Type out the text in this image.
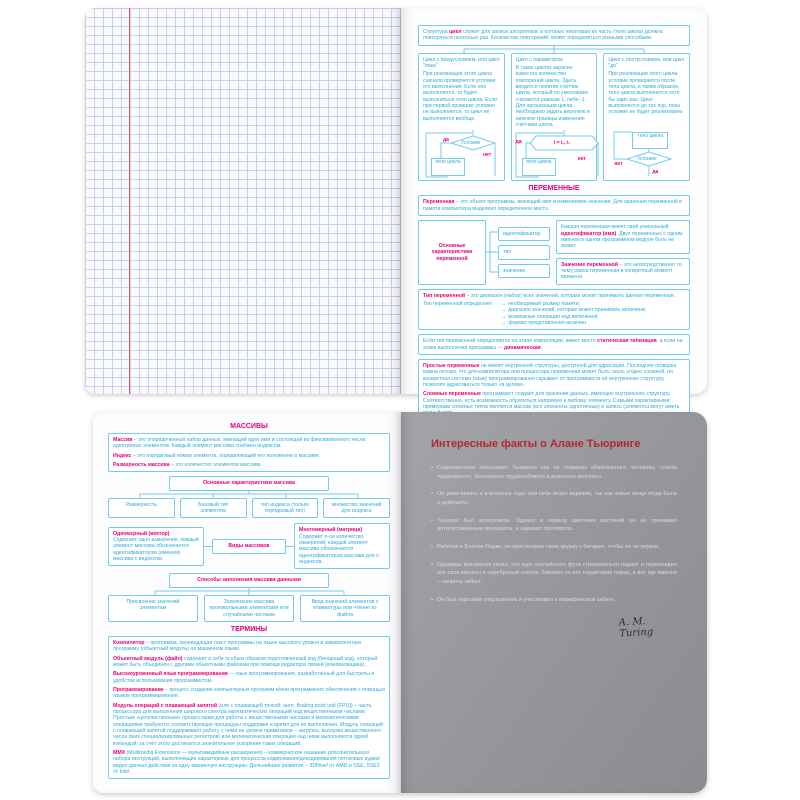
Структура цикл служит для записи алгоритмов, в которых некоторая их часть (тело цикла) должна повторяться несколько раз. Количество повторений, может определяться разными способами.
Цикл с предусловием, или цикл "пока"
При реализации этого цикла сначала проверяется условие его выполнения. Если оно выполняется, то будет выполняться тело цикла. Если при первой проверке условия не выполняется, то цикл не выполняется вообще.
Условие
да
нет
тело цикла
Цикл с параметром
В таких циклах заранее известно количество повторений цикла. Здесь вводится понятие счётчик цикла, который по умолчанию считается равным 1, либо -1. Для организации цикла необходимо задать верхнюю и нижнюю границы изменения счётчика цикла.
i = i₁, i₂
да
нет
тело цикла
Цикл с постусловием, или цикл "до"
При реализации этого цикла условие проверяется после тела цикла, и таким образом, тело цикла выполняется хотя бы один раз. Цикл выполняется до тех пор, пока условие не будет реализовано
тело цикла
Условие
нет
да
ПЕРЕМЕННЫЕ
Переменная – это объект программы, имеющий имя и изменяемое значение. Для хранения переменной в памяти компьютера выделено определенное место.
Основные характеристики переменной
идентификатор
тип
значение
Каждая переменная имеет свой уникальный идентификатор (имя). Двух переменных с одним именем в одном программном модуле быть не может.
Значение переменной – это непосредственно то, чему равна переменная в конкретный момент времени.
Тип переменной – это диапазон (набор) всех значений, которые может принимать данная переменная.
Тип переменной определяет:	→ необходимый размер памяти;
→ диапазон значений, которые может принимать величина;
→ возможные операции над величиной;
→ формат представления величин.
Если тип переменной определяется на этапе компиляции, имеет место статическая типизация, а если на этапе выполнения программы — динамическая.

Простые переменные не имеют внутренней структуры, доступной для адресации. Последняя оговорка важна потому, что для компилятора или процессора переменная может быть сколь угодно сложной, но конкретная система (язык) программирования скрывает от программиста её внутреннюю структуру, позволяя адресоваться только «в целом».

Сложные переменные программист создаёт для хранения данных, имеющих внутреннюю структуру. Соответственно, есть возможность обратиться напрямую к любому элементу. Самыми характерными примерами сложных типов являются массив (все элементы однотипные) и запись (элементы могут иметь

МАССИВЫ

Массив – это упорядоченный набор данных, имеющий одно имя и состоящий из фиксированного числа однотипных элементов. Каждый элемент массива снабжен индексом.

Индекс – это порядковый номер элемента, определяющий его положение в массиве.

Размерность массива – это количество элементов массива.

Основные характеристики массива
Размерность	Базовый тип элементов
тип индекса (только порядковый тип)
множество значений для индекса
Одномерный (вектор)
Содержит одно измерение, каждый элемент массива обозначается идентификатором (именем) массива с индексом.
Виды массивов
Многомерный (матрица)
Содержит n-ое количество измерений; каждый элемент массива обозначается идентификатором массива для n индексов.
Способы заполнения массива данными
Присвоение значений элементам
Заполнение массива произвольными элементами или случайными числами
Ввод значений элементов с клавиатуры или чтение из файла
ТЕРМИНЫ

Компилятор – программа, переводящая текст программы на языке высокого уровня в эквивалентную программу (объектный модуль) на машинном языке.

Объектный модуль (файл) содержит в себе особым образом подготовленный код (бинарный код), который может быть объединён с другими объектными файлами при помощи редактора связей (компоновщика).

Высокоуровневый язык программирования — язык программирования, разработанный для быстроты и удобства использования программистом.

Программирование – процесс создания компьютерных программ и/или программного обеспечения с помощью языков программирования.

Модуль операций с плавающей запятой (или с плавающей точкой; англ. floating point unit (FPU)) – часть процессора для выполнения широкого спектра математических операций над вещественными числами. Простым «целочисленным» процессорам для работы с вещественными числами и математическими операциями требуются соответствующие процедуры поддержки и время для их выполнения. Модуль операций с плавающей запятой поддерживает работу с ними на уровне примитивов – загрузка, выгрузка вещественного числа (в/из специализированных регистров) или математическая операция над ними выполняется одной командой, за счёт этого достигается значительное ускорение таких операций.

MMX (Multimedia Extensions — мультимедийные расширения) – коммерческое название дополнительного набора инструкций, выполняющих характерные для процессов кодирования/декодирования потоковых аудио/видео данных действия за одну машинную инструкцию. Дальнейшее развитие – 3DNow! от AMD и SSE, SSE2 от Intel.

Интересные факты о Алане Тьюринге
• Современники описывают Тьюринга как не слишком обаятельного человека, слегка чудаковатого, бесконечно трудолюбивого и довольно желчного.
• Он умел вязать и в военные годы сам себе вязал варежки, так как новые вещи тогда были в дефиците.
• Тьюринг был аллергиком. Однако в период цветения растений он не принимал антигистаминные препараты, а надевал противогаз.
• Работая в Блечли-Парке, он пристегивал свою кружку к батарее, чтобы ее не украли.
• Однажды математик узнал, что курс английского фута стремительно падает и переплавил все свои монеты в серебряный слиток. Закопал он его территории парка, а вот где именно – напрочь забыл.
• Он был хорошим спортсменом и участвовал в марафонском забеге.
A. M. Turing
